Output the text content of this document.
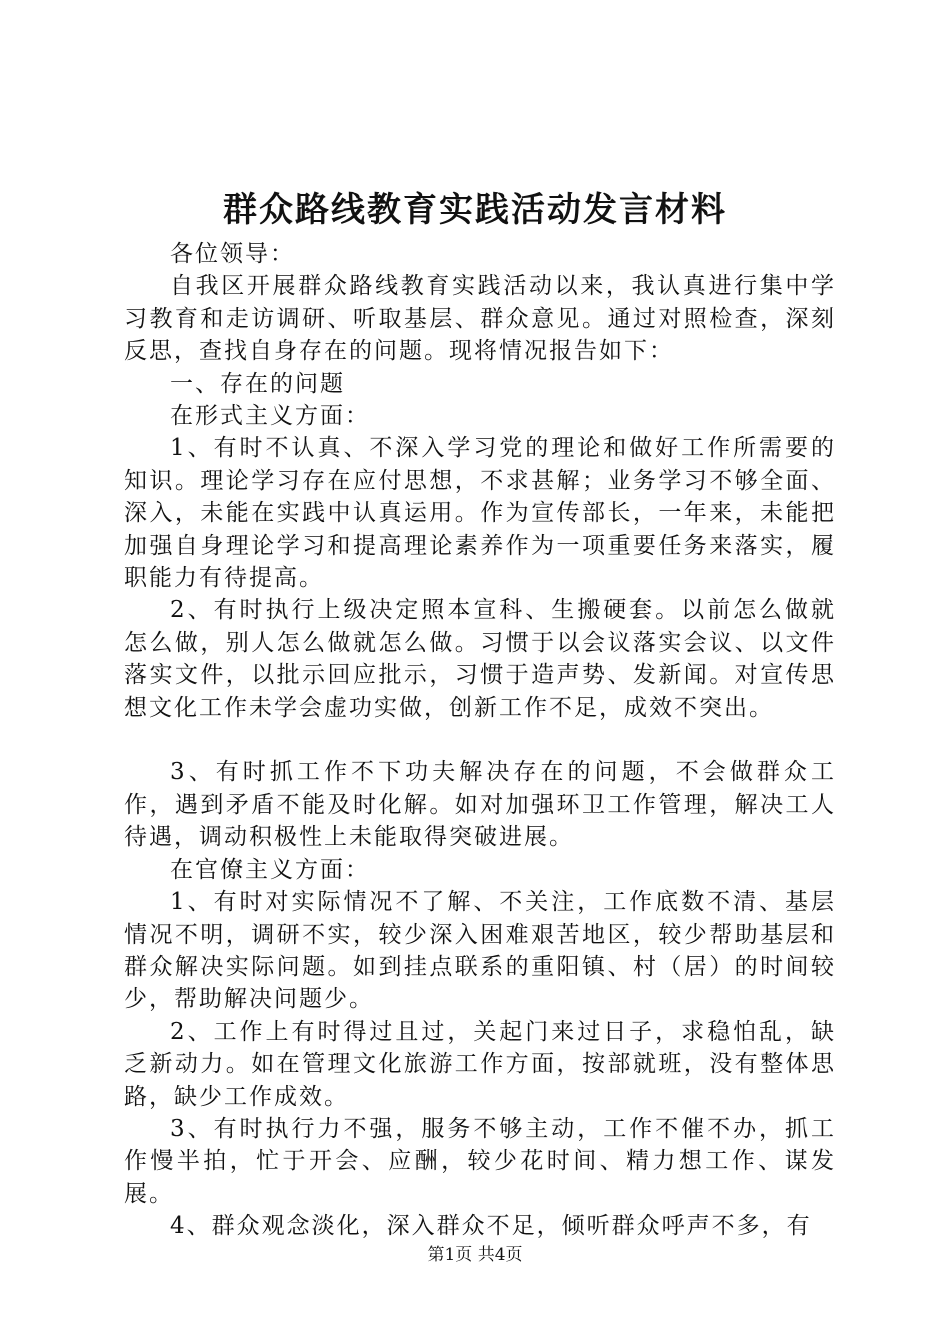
群众路线教育实践活动发言材料

各位领导：

自我区开展群众路线教育实践活动以来，我认真进行集中学习教育和走访调研、听取基层、群众意见。通过对照检查，深刻反思，查找自身存在的问题。现将情况报告如下：

一、存在的问题

在形式主义方面：

1、有时不认真、不深入学习党的理论和做好工作所需要的知识。理论学习存在应付思想，不求甚解；业务学习不够全面、深入，未能在实践中认真运用。作为宣传部长，一年来，未能把加强自身理论学习和提高理论素养作为一项重要任务来落实，履职能力有待提高。

2、有时执行上级决定照本宣科、生搬硬套。以前怎么做就怎么做，别人怎么做就怎么做。习惯于以会议落实会议、以文件落实文件，以批示回应批示，习惯于造声势、发新闻。对宣传思想文化工作未学会虚功实做，创新工作不足，成效不突出。

3、有时抓工作不下功夫解决存在的问题，不会做群众工作，遇到矛盾不能及时化解。如对加强环卫工作管理，解决工人待遇，调动积极性上未能取得突破进展。

在官僚主义方面：

1、有时对实际情况不了解、不关注，工作底数不清、基层情况不明，调研不实，较少深入困难艰苦地区，较少帮助基层和群众解决实际问题。如到挂点联系的重阳镇、村（居）的时间较少，帮助解决问题少。

2、工作上有时得过且过，关起门来过日子，求稳怕乱，缺乏新动力。如在管理文化旅游工作方面，按部就班，没有整体思路，缺少工作成效。

3、有时执行力不强，服务不够主动，工作不催不办，抓工作慢半拍，忙于开会、应酬，较少花时间、精力想工作、谋发展。

4、群众观念淡化，深入群众不足，倾听群众呼声不多，有

第1页 共4页
